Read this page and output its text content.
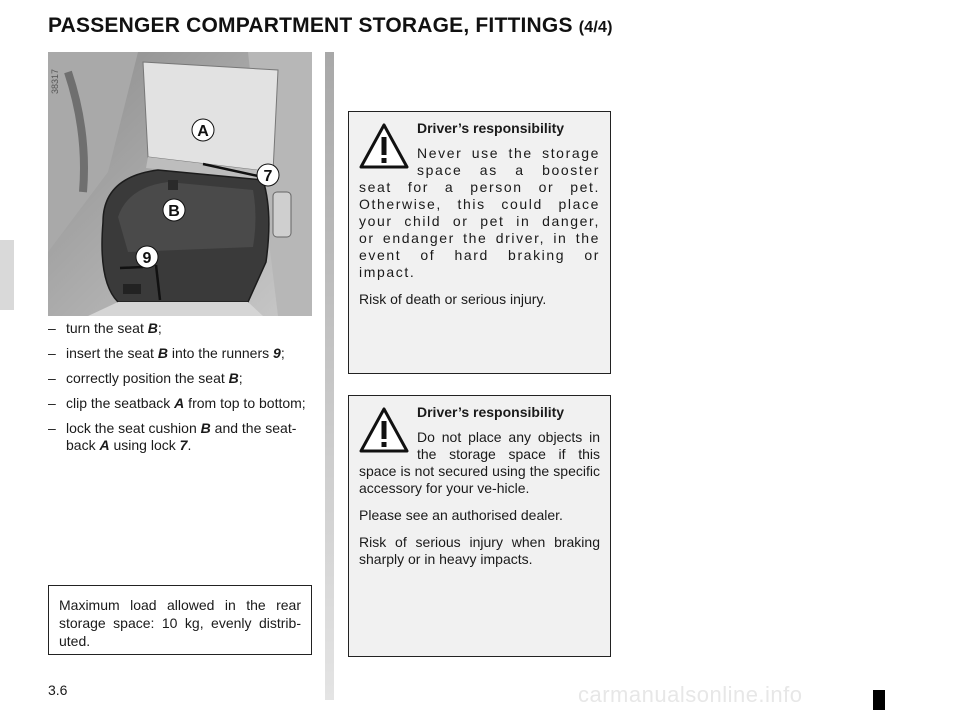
PASSENGER COMPARTMENT STORAGE, FITTINGS (4/4)
A
7
B
9
38317
– turn the seat B;
– insert the seat B into the runners 9;
– correctly position the seat B;
– clip the seatback A from top to bottom;
– lock the seat cushion B and the seat-back A using lock 7.
Maximum load allowed in the rear storage space: 10 kg, evenly distrib-uted.
Driver’s responsibility

Never use the storage space as a booster seat for a person or pet. Otherwise, this could place your child or pet in danger, or endanger the driver, in the event of hard braking or impact.

Risk of death or serious injury.

Driver’s responsibility

Do not place any objects in the storage space if this space is not secured using the specific accessory for your ve-hicle.

Please see an authorised dealer.

Risk of serious injury when braking sharply or in heavy impacts.

3.6	carmanualsonline.info
